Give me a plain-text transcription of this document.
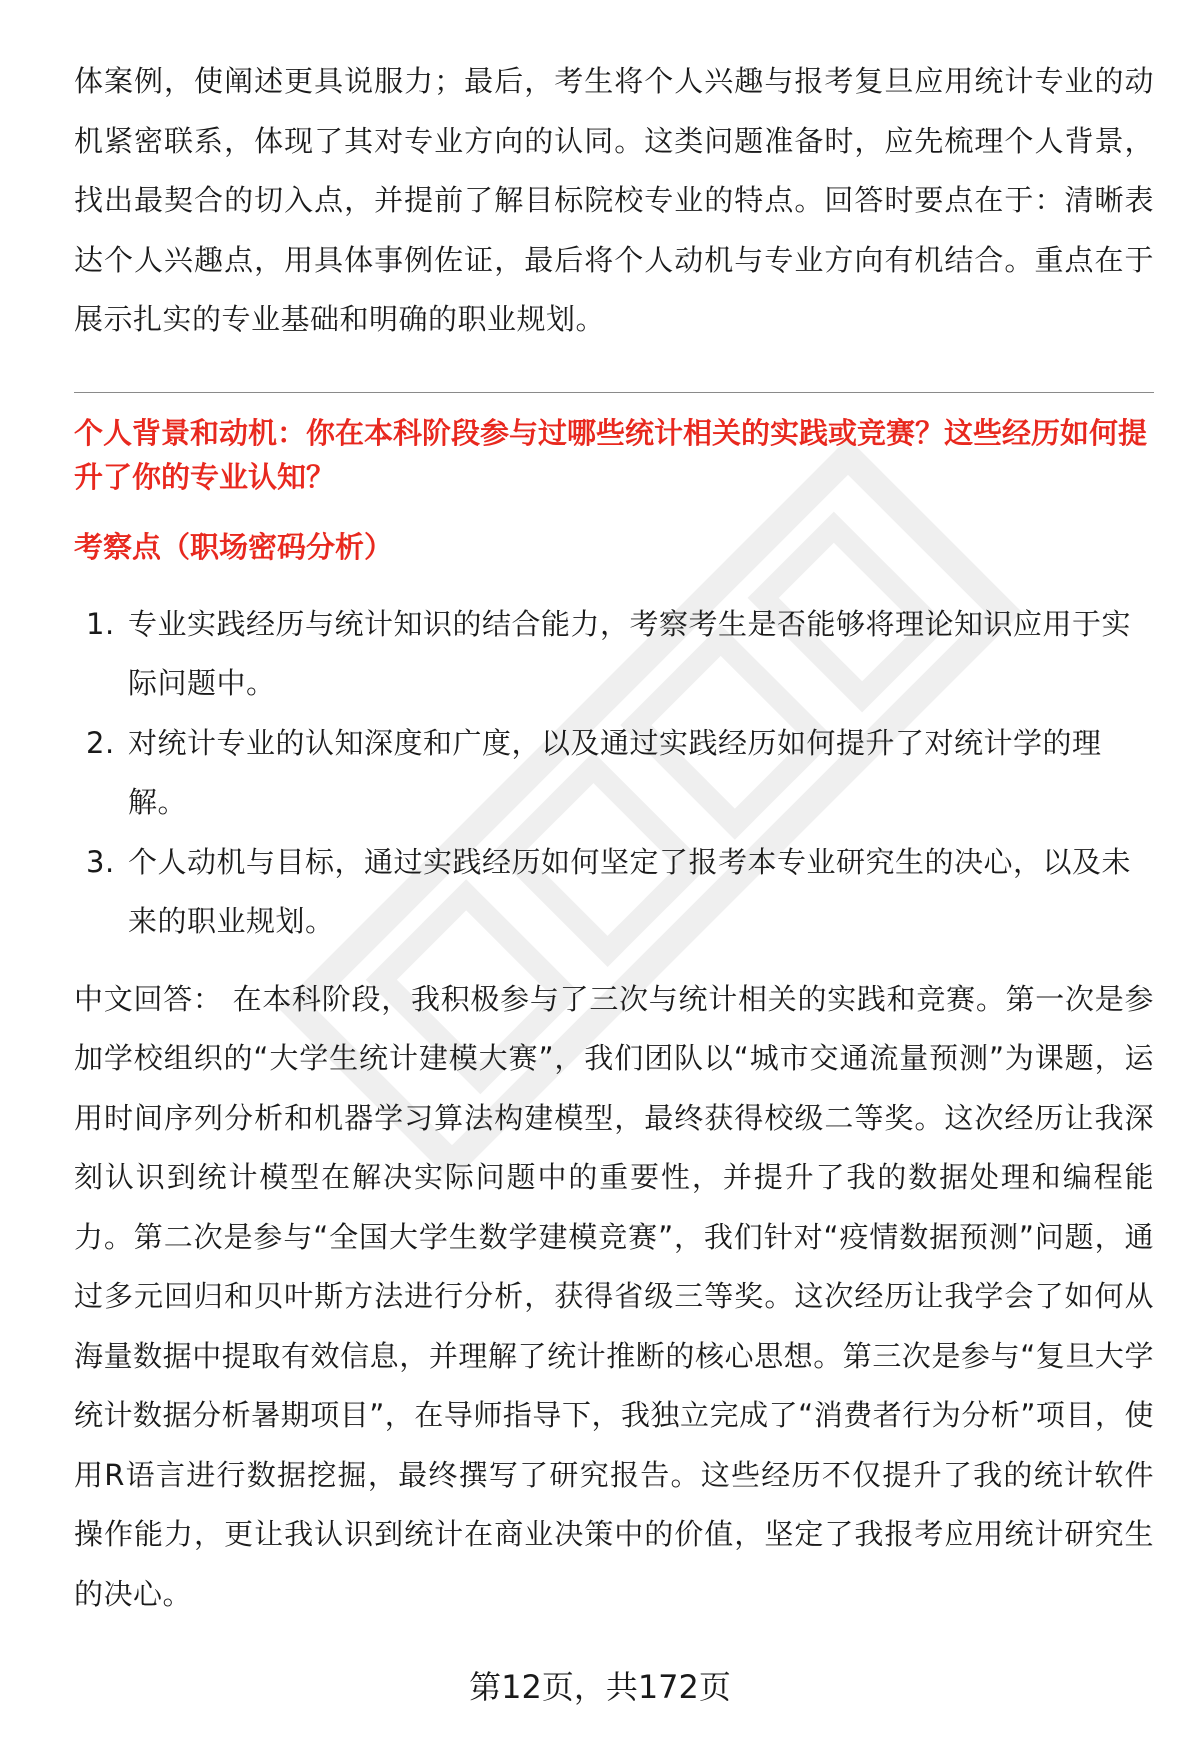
体案例，使阐述更具说服力；最后，考生将个人兴趣与报考复旦应用统计专业的动机紧密联系，体现了其对专业方向的认同。这类问题准备时，应先梳理个人背景，找出最契合的切入点，并提前了解目标院校专业的特点。回答时要点在于：清晰表达个人兴趣点，用具体事例佐证，最后将个人动机与专业方向有机结合。重点在于展示扎实的专业基础和明确的职业规划。

个人背景和动机：你在本科阶段参与过哪些统计相关的实践或竞赛？这些经历如何提升了你的专业认知？

考察点（职场密码分析）

1. 专业实践经历与统计知识的结合能力，考察考生是否能够将理论知识应用于实际问题中。
2. 对统计专业的认知深度和广度，以及通过实践经历如何提升了对统计学的理解。
3. 个人动机与目标，通过实践经历如何坚定了报考本专业研究生的决心，以及未来的职业规划。

中文回答： 在本科阶段，我积极参与了三次与统计相关的实践和竞赛。第一次是参加学校组织的“大学生统计建模大赛”，我们团队以“城市交通流量预测”为课题，运用时间序列分析和机器学习算法构建模型，最终获得校级二等奖。这次经历让我深刻认识到统计模型在解决实际问题中的重要性，并提升了我的数据处理和编程能力。第二次是参与“全国大学生数学建模竞赛”，我们针对“疫情数据预测”问题，通过多元回归和贝叶斯方法进行分析，获得省级三等奖。这次经历让我学会了如何从海量数据中提取有效信息，并理解了统计推断的核心思想。第三次是参与“复旦大学统计数据分析暑期项目”，在导师指导下，我独立完成了“消费者行为分析”项目，使用R语言进行数据挖掘，最终撰写了研究报告。这些经历不仅提升了我的统计软件操作能力，更让我认识到统计在商业决策中的价值，坚定了我报考应用统计研究生的决心。

第12页，共172页
